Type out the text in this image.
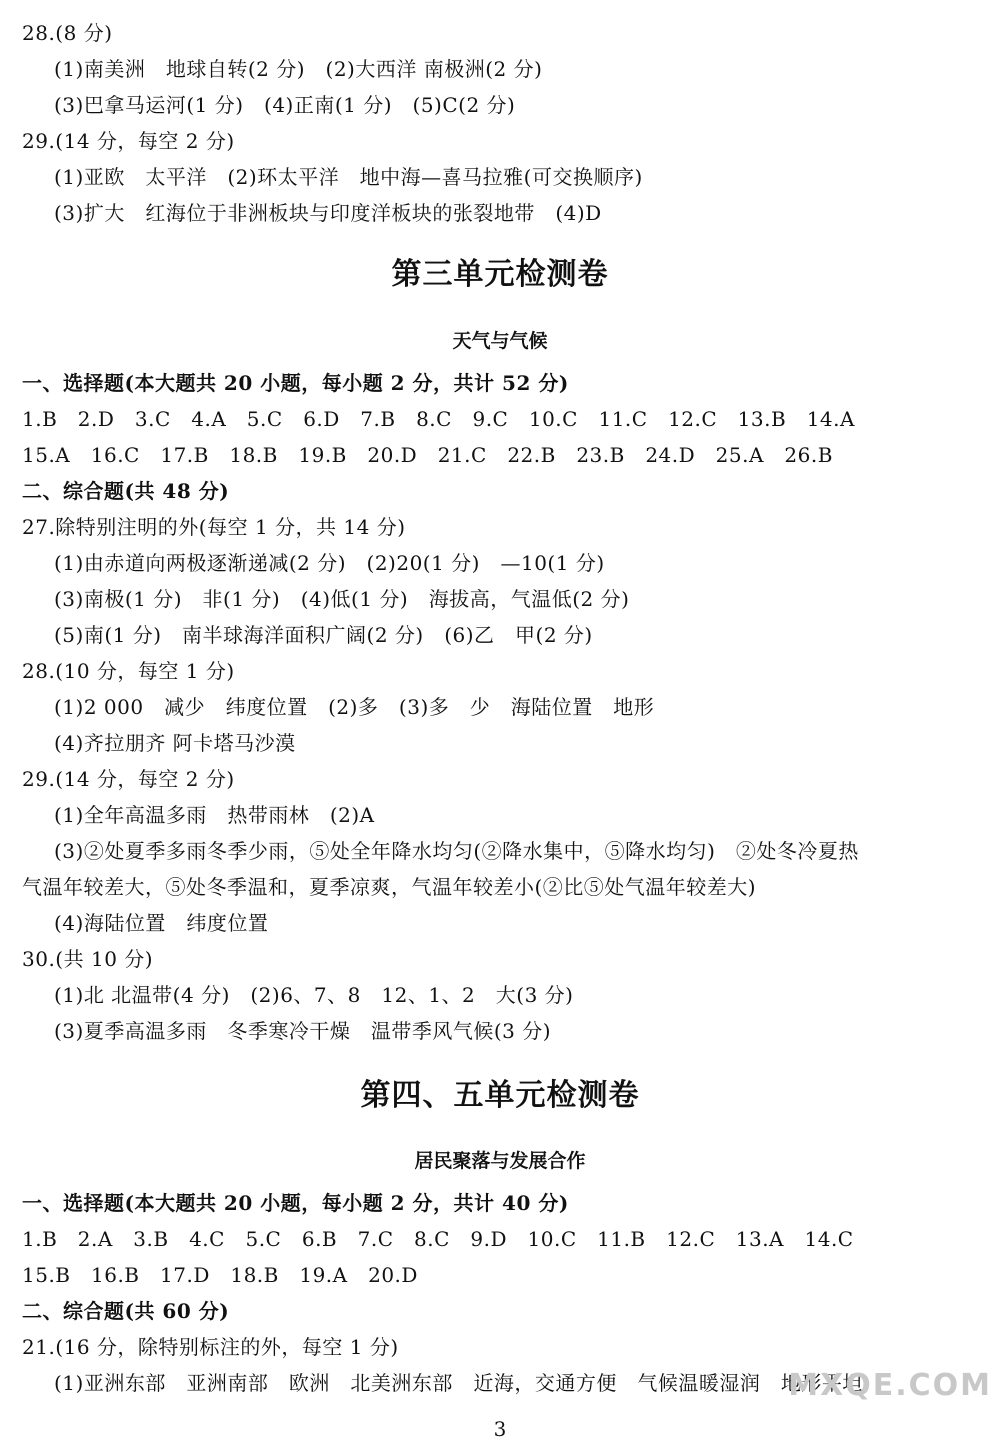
28.(8 分)
(1)南美洲　地球自转(2 分)　(2)大西洋 南极洲(2 分)
(3)巴拿马运河(1 分)　(4)正南(1 分)　(5)C(2 分)
29.(14 分，每空 2 分)
(1)亚欧　太平洋　(2)环太平洋　地中海—喜马拉雅(可交换顺序)
(3)扩大　红海位于非洲板块与印度洋板块的张裂地带　(4)D
第三单元检测卷
天气与气候
一、选择题(本大题共 20 小题，每小题 2 分，共计 52 分)
1.B　2.D　3.C　4.A　5.C　6.D　7.B　8.C　9.C　10.C　11.C　12.C　13.B　14.A
15.A　16.C　17.B　18.B　19.B　20.D　21.C　22.B　23.B　24.D　25.A　26.B
二、综合题(共 48 分)
27.除特别注明的外(每空 1 分，共 14 分)
(1)由赤道向两极逐渐递减(2 分)　(2)20(1 分)　—10(1 分)
(3)南极(1 分)　非(1 分)　(4)低(1 分)　海拔高，气温低(2 分)
(5)南(1 分)　南半球海洋面积广阔(2 分)　(6)乙　甲(2 分)
28.(10 分，每空 1 分)
(1)2 000　减少　纬度位置　(2)多　(3)多　少　海陆位置　地形
(4)齐拉朋齐 阿卡塔马沙漠
29.(14 分，每空 2 分)
(1)全年高温多雨　热带雨林　(2)A
(3)②处夏季多雨冬季少雨，⑤处全年降水均匀(②降水集中，⑤降水均匀)　②处冬冷夏热
气温年较差大，⑤处冬季温和，夏季凉爽，气温年较差小(②比⑤处气温年较差大)
(4)海陆位置　纬度位置
30.(共 10 分)
(1)北 北温带(4 分)　(2)6、7、8　12、1、2　大(3 分)
(3)夏季高温多雨　冬季寒冷干燥　温带季风气候(3 分)
第四、五单元检测卷
居民聚落与发展合作
一、选择题(本大题共 20 小题，每小题 2 分，共计 40 分)
1.B　2.A　3.B　4.C　5.C　6.B　7.C　8.C　9.D　10.C　11.B　12.C　13.A　14.C
15.B　16.B　17.D　18.B　19.A　20.D
二、综合题(共 60 分)
21.(16 分，除特别标注的外，每空 1 分)
(1)亚洲东部　亚洲南部　欧洲　北美洲东部　近海，交通方便　气候温暖湿润　地形平坦
MXQE.COM
3
